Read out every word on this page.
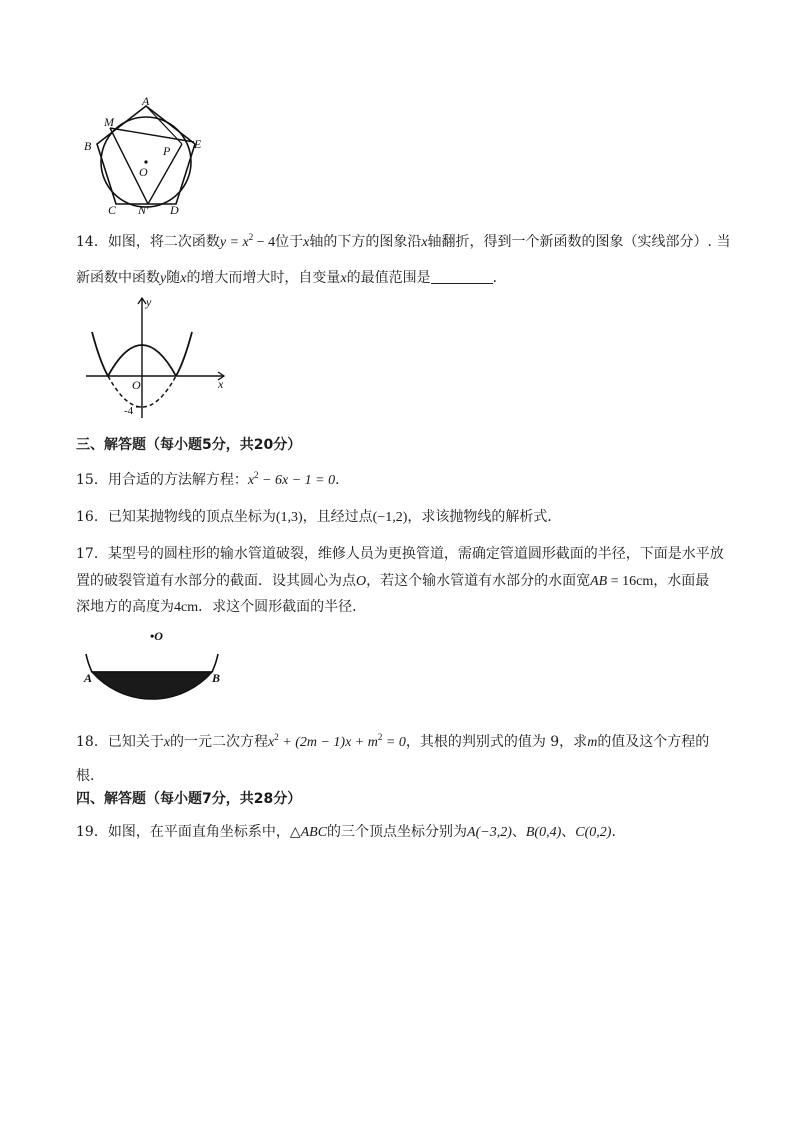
A
M
B	E
P
O
C N' D
14．如图，将二次函数$y = x^2 - 4$位于x轴的下方的图象沿x轴翻折，得到一个新函数的图象（实线部分）. 当
新函数中函数y随x的增大而增大时，自变量x的最值范围是	．
y
x
O
-4
三、解答题（每小题5分，共20分）
15．用合适的方法解方程：$x^2 - 6x - 1 = 0$．
16．已知某抛物线的顶点坐标为(1,3)，且经过点(−1,2)，求该抛物线的解析式．
17．某型号的圆柱形的输水管道破裂，维修人员为更换管道，需确定管道圆形截面的半径，下面是水平放
置的破裂管道有水部分的截面．设其圆心为点O，若这个输水管道有水部分的水面宽AB = 16cm，水面最
深地方的高度为4cm．求这个圆形截面的半径．
•O
A	B
18．已知关于x的一元二次方程$x^2 + (2m - 1)x + m^2 = 0$，其根的判别式的值为 9，求m的值及这个方程的
根．
四、解答题（每小题7分，共28分）
19．如图，在平面直角坐标系中，△ABC的三个顶点坐标分别为A(−3,2)、B(0,4)、C(0,2)．
